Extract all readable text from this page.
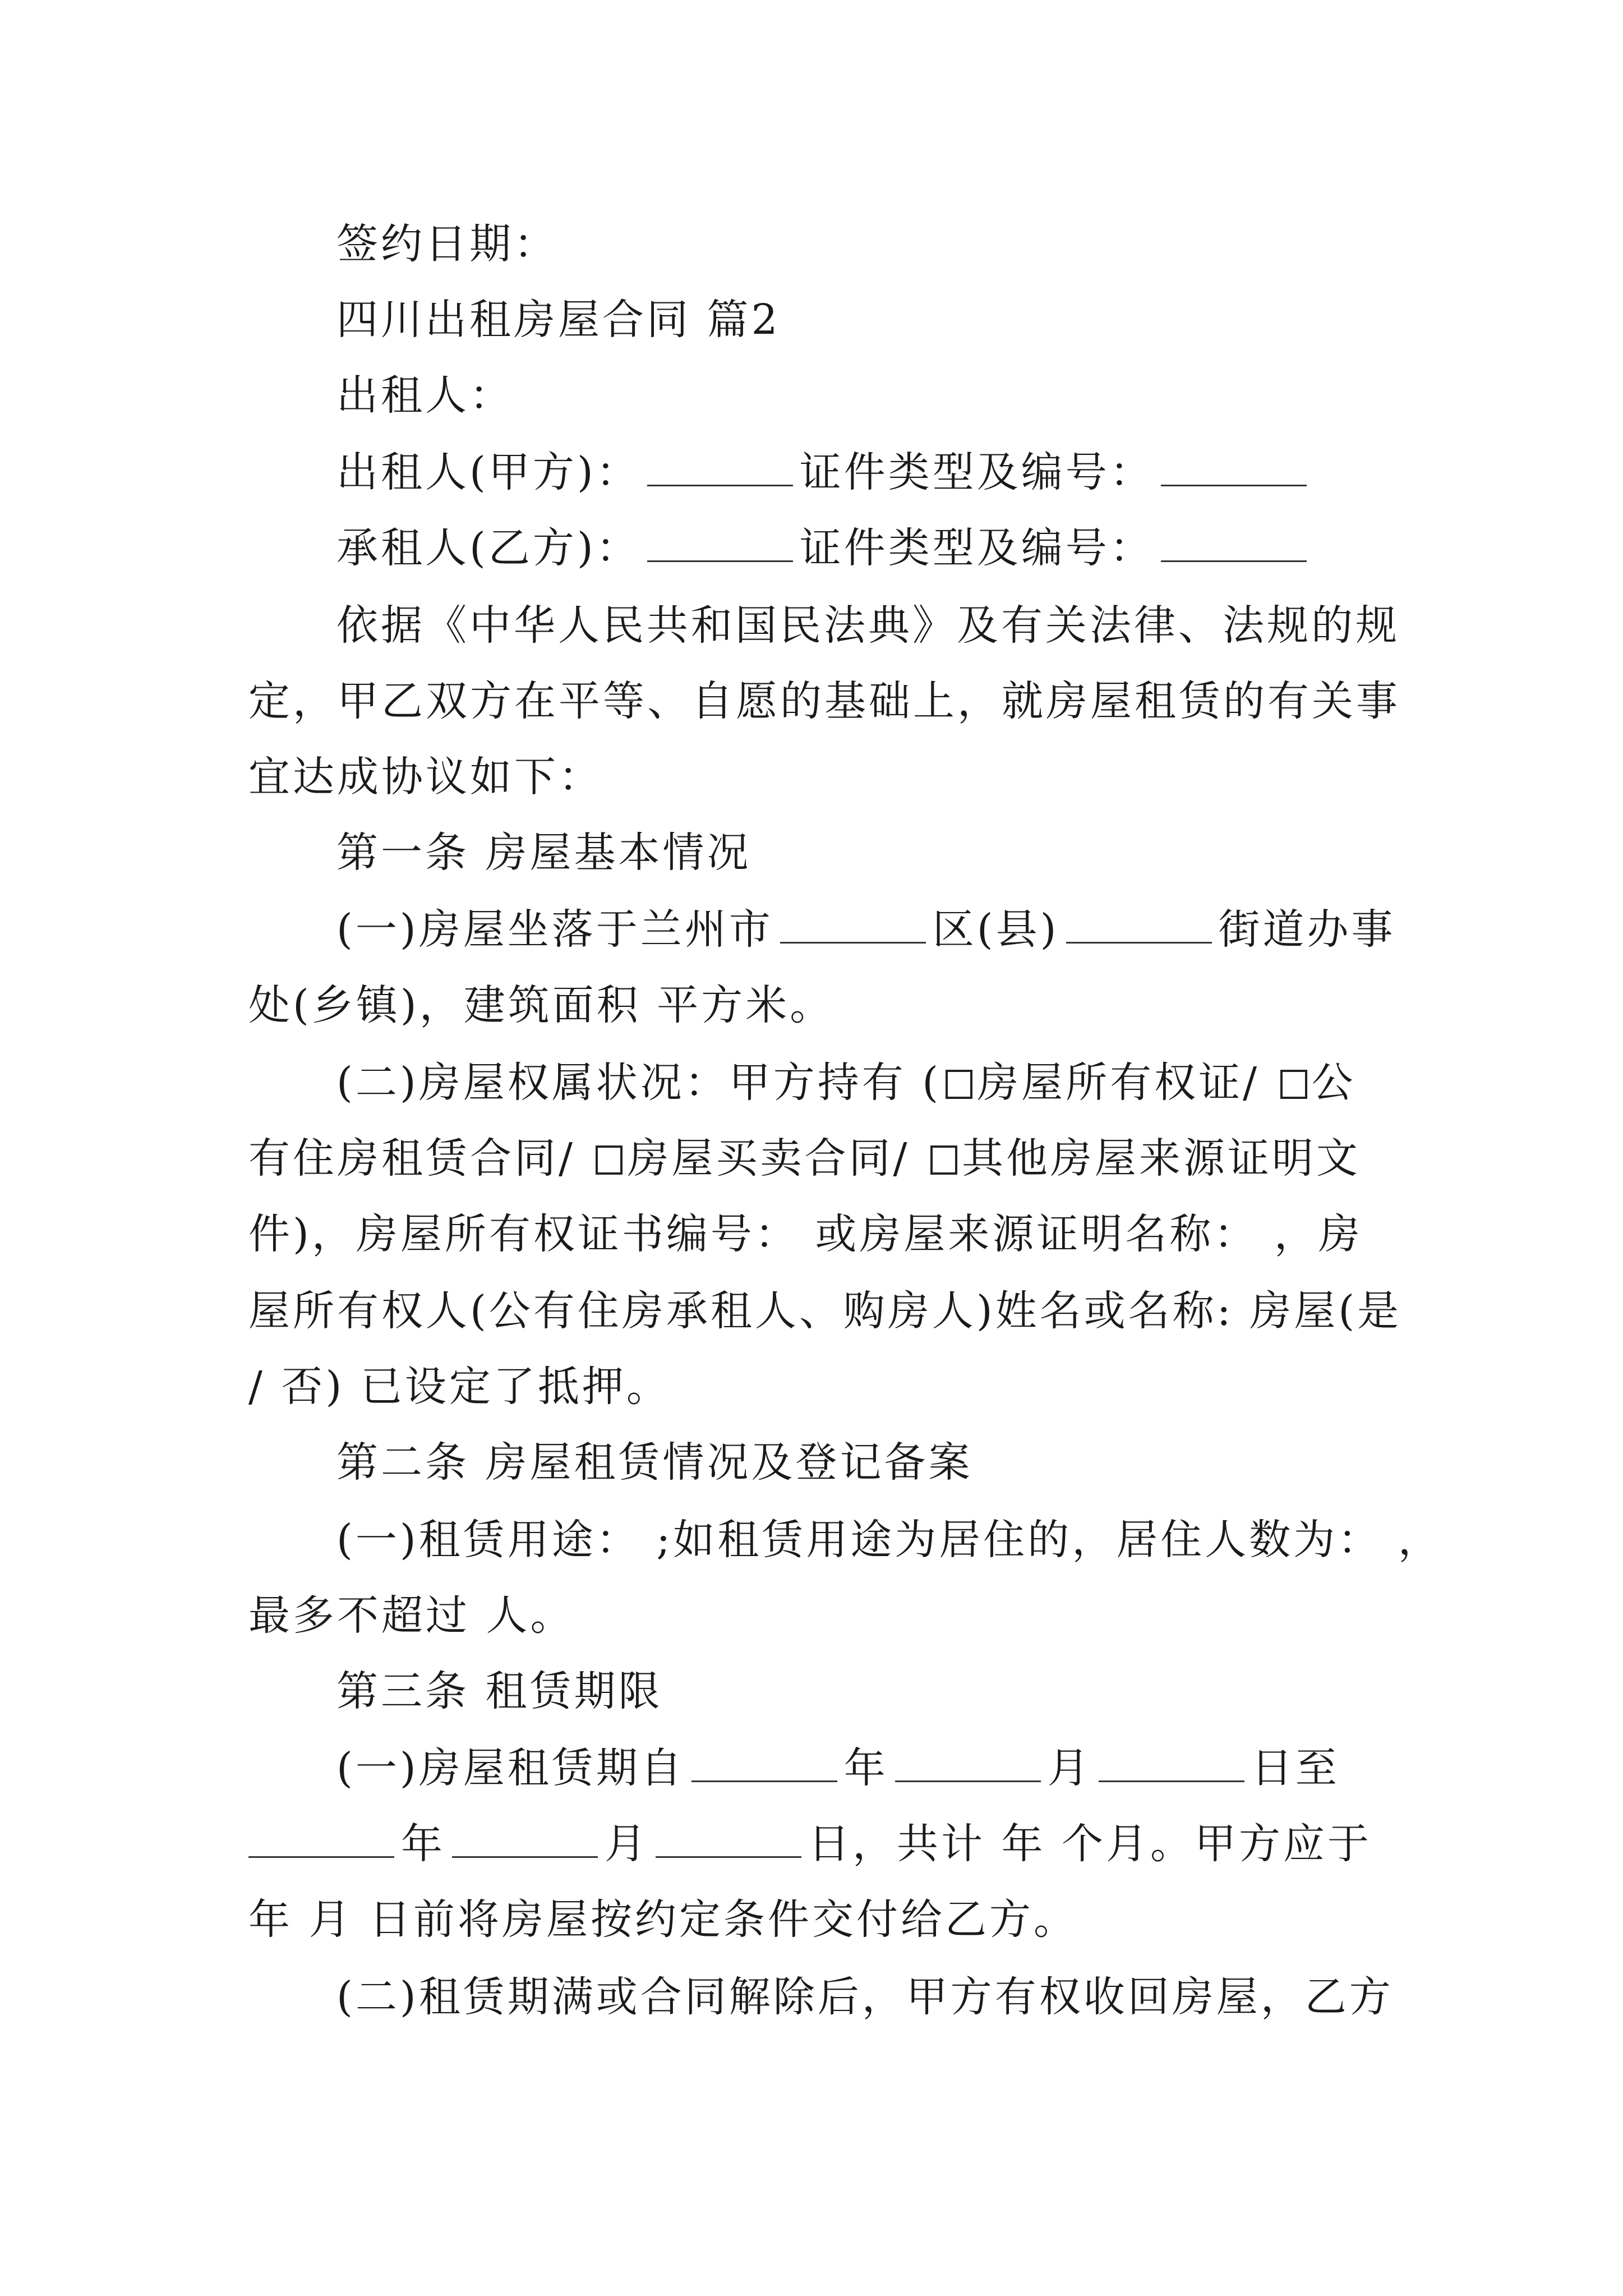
签约日期：
四川出租房屋合同 篇2
出租人：
出租人(甲方)：	证件类型及编号：
承租人(乙方)：	证件类型及编号：
依据《中华人民共和国民法典》及有关法律、法规的规
定，甲乙双方在平等、自愿的基础上，就房屋租赁的有关事
宜达成协议如下：
第一条 房屋基本情况
(一)房屋坐落于兰州市	区(县)	街道办事
处(乡镇)，建筑面积 平方米。
(二)房屋权属状况：甲方持有 ( 房屋所有权证/ 公
有住房租赁合同/ 房屋买卖合同/ 其他房屋来源证明文
件)，房屋所有权证书编号： 或房屋来源证明名称： ，房
屋所有权人(公有住房承租人、购房人)姓名或名称: 房屋(是
/ 否) 已设定了抵押。
第二条 房屋租赁情况及登记备案
(一)租赁用途： ;如租赁用途为居住的，居住人数为： ，
最多不超过 人。
第三条 租赁期限
(一)房屋租赁期自	年	月	日至
年	月	日，共计 年 个月。甲方应于
年 月 日前将房屋按约定条件交付给乙方。
(二)租赁期满或合同解除后，甲方有权收回房屋，乙方
